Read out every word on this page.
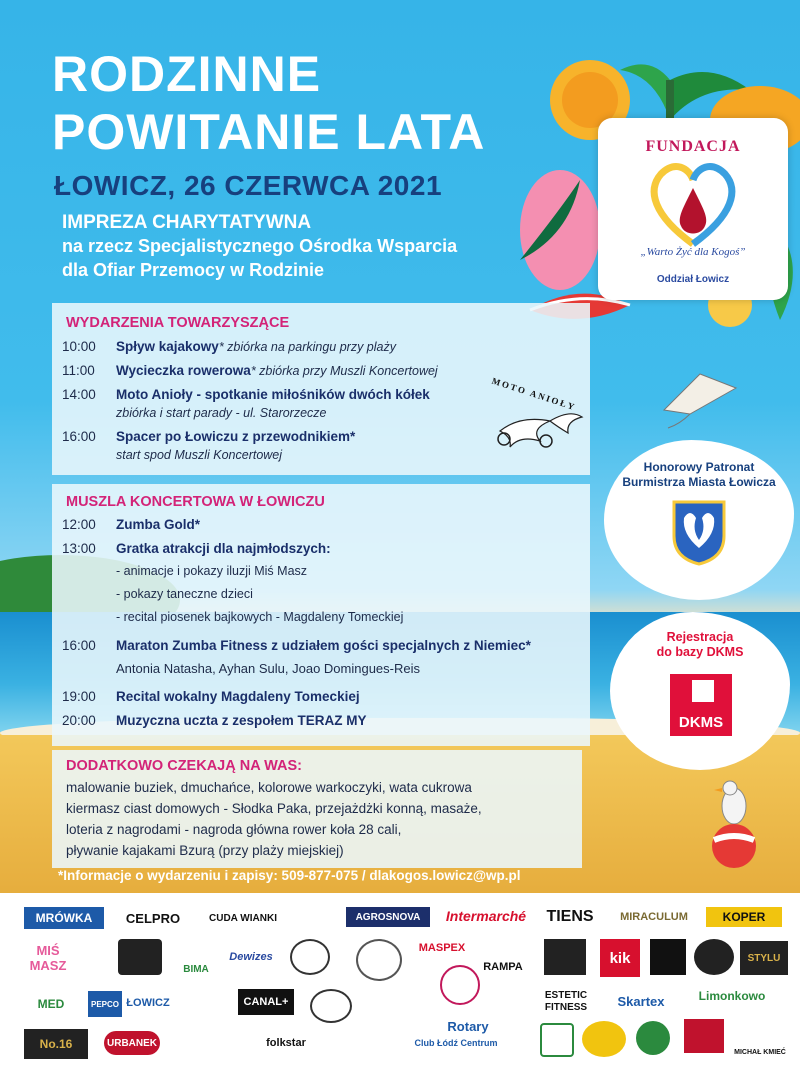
RODZINNE
POWITANIE LATA
ŁOWICZ, 26 CZERWCA 2021
IMPREZA CHARYTATYWNA
na rzecz Specjalistycznego Ośrodka Wsparcia
dla Ofiar Przemocy w Rodzinie
FUNDACJA
„Warto Żyć dla Kogoś”
Oddział Łowicz
WYDARZENIA TOWARZYSZĄCE
10:00 Spływ kajakowy* zbiórka na parkingu przy plaży
11:00 Wycieczka rowerowa* zbiórka przy Muszli Koncertowej
14:00 Moto Anioły - spotkanie miłośników dwóch kółek
zbiórka i start parady - ul. Starorzecze
16:00 Spacer po Łowiczu z przewodnikiem*
start spod Muszli Koncertowej
MOTO ANIOŁY
MUSZLA KONCERTOWA W ŁOWICZU
12:00 Zumba Gold*
13:00 Gratka atrakcji dla najmłodszych:
- animacje i pokazy iluzji Miś Masz
- pokazy taneczne dzieci
- recital piosenek bajkowych - Magdaleny Tomeckiej
16:00 Maraton Zumba Fitness z udziałem gości specjalnych z Niemiec*
Antonia Natasha, Ayhan Sulu, Joao Domingues-Reis
19:00 Recital wokalny Magdaleny Tomeckiej
20:00 Muzyczna uczta z zespołem TERAZ MY
DODATKOWO CZEKAJĄ NA WAS:
malowanie buziek, dmuchańce, kolorowe warkoczyki, wata cukrowa
kiermasz ciast domowych - Słodka Paka, przejażdżki konną, masaże,
loteria z nagrodami - nagroda główna rower koła 28 cali,
pływanie kajakami Bzurą (przy plaży miejskiej)
Honorowy Patronat
Burmistrza Miasta Łowicza
Rejestracja
do bazy DKMS
DKMS
*Informacje o wydarzeniu i zapisy: 509-877-075 / dlakogos.lowicz@wp.pl
MRÓWKA	CELPRO	CUDA WIANKI	AGROSNOVA	Intermarché	TIENS	MIRACULUM	KOPER
MIŚ MASZ	BIMA
Dewizes
MASPEX
RAMPA
kik	STYLU
MED	PEPCO ŁOWICZ	CANAL+
ESTETIC FITNESS	Skartex	Limonkowo
No.16	URBANEK	folkstar
Rotary
Club Łódź Centrum
MICHAŁ KMIEĆ
